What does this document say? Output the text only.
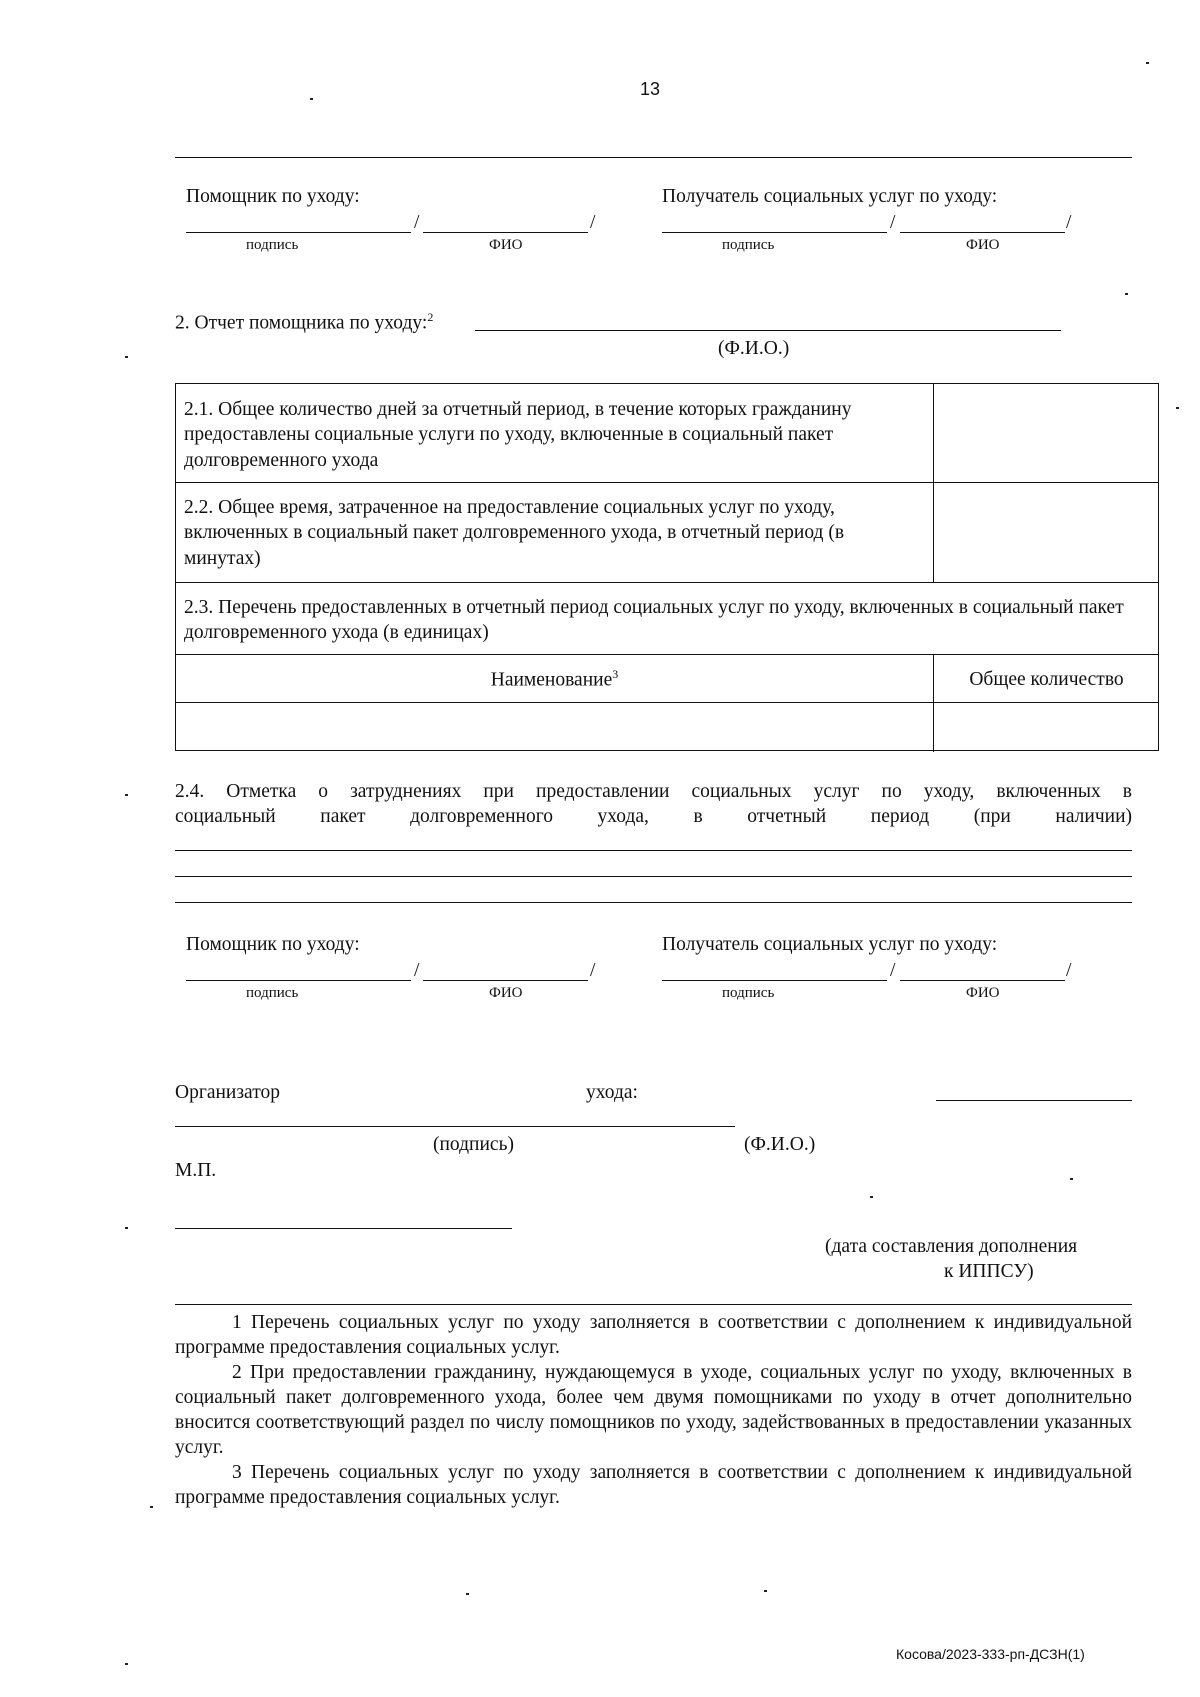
13
Помощник по уходу:	Получатель социальных услуг по уходу:
/	/
подпись	ФИО
/	/
подпись	ФИО
2. Отчет помощника по уходу:$^2$
(Ф.И.О.)
2.1. Общее количество дней за отчетный период, в течение которых гражданину предоставлены социальные услуги по уходу, включенные в социальный пакет долговременного ухода
2.2. Общее время, затраченное на предоставление социальных услуг по уходу, включенных в социальный пакет долговременного ухода, в отчетный период (в минутах)
2.3. Перечень предоставленных в отчетный период социальных услуг по уходу, включенных в социальный пакет долговременного ухода (в единицах)
Наименование$^3$	Общее количество
2.4. Отметка о затруднениях при предоставлении социальных услуг по уходу, включенных в
социальный пакет долговременного ухода, в отчетный период (при наличии)
Помощник по уходу:	Получатель социальных услуг по уходу:
/	/
подпись	ФИО
/	/
подпись	ФИО
Организатор	ухода:
(подпись)	(Ф.И.О.)
М.П.
(дата составления дополнения
к ИППСУ)
1 Перечень социальных услуг по уходу заполняется в соответствии с дополнением к индивидуальной программе предоставления социальных услуг.
2 При предоставлении гражданину, нуждающемуся в уходе, социальных услуг по уходу, включенных в социальный пакет долговременного ухода, более чем двумя помощниками по уходу в отчет дополнительно вносится соответствующий раздел по числу помощников по уходу, задействованных в предоставлении указанных услуг.
3 Перечень социальных услуг по уходу заполняется в соответствии с дополнением к индивидуальной программе предоставления социальных услуг.
Косова/2023-333-рп-ДСЗН(1)
